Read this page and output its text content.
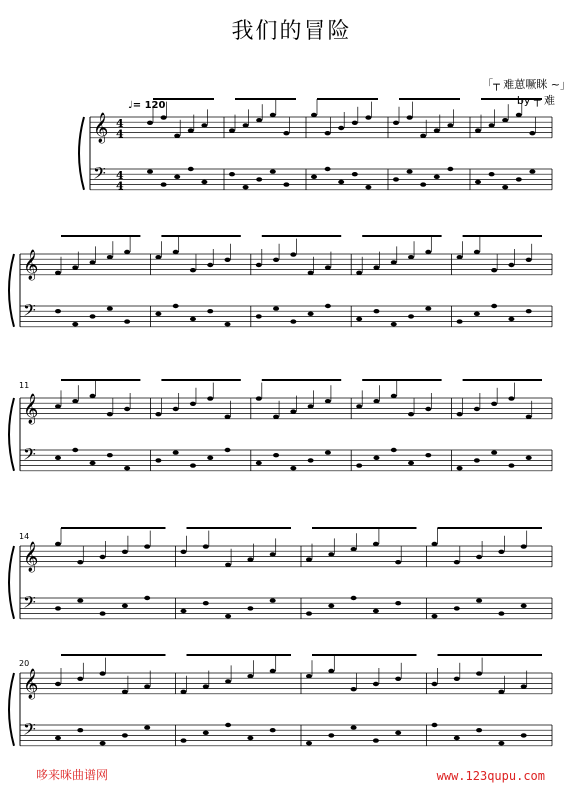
我们的冒险
「┬ 难葸噘眯 ~」
by ┬ 难
♩= 120
11
14
20
𝄞
𝄢
4
4
4
4
𝄞
𝄢
𝄞
𝄢
𝄞
𝄢
𝄞
𝄢
哆来咪曲谱网	www.123qupu.com
